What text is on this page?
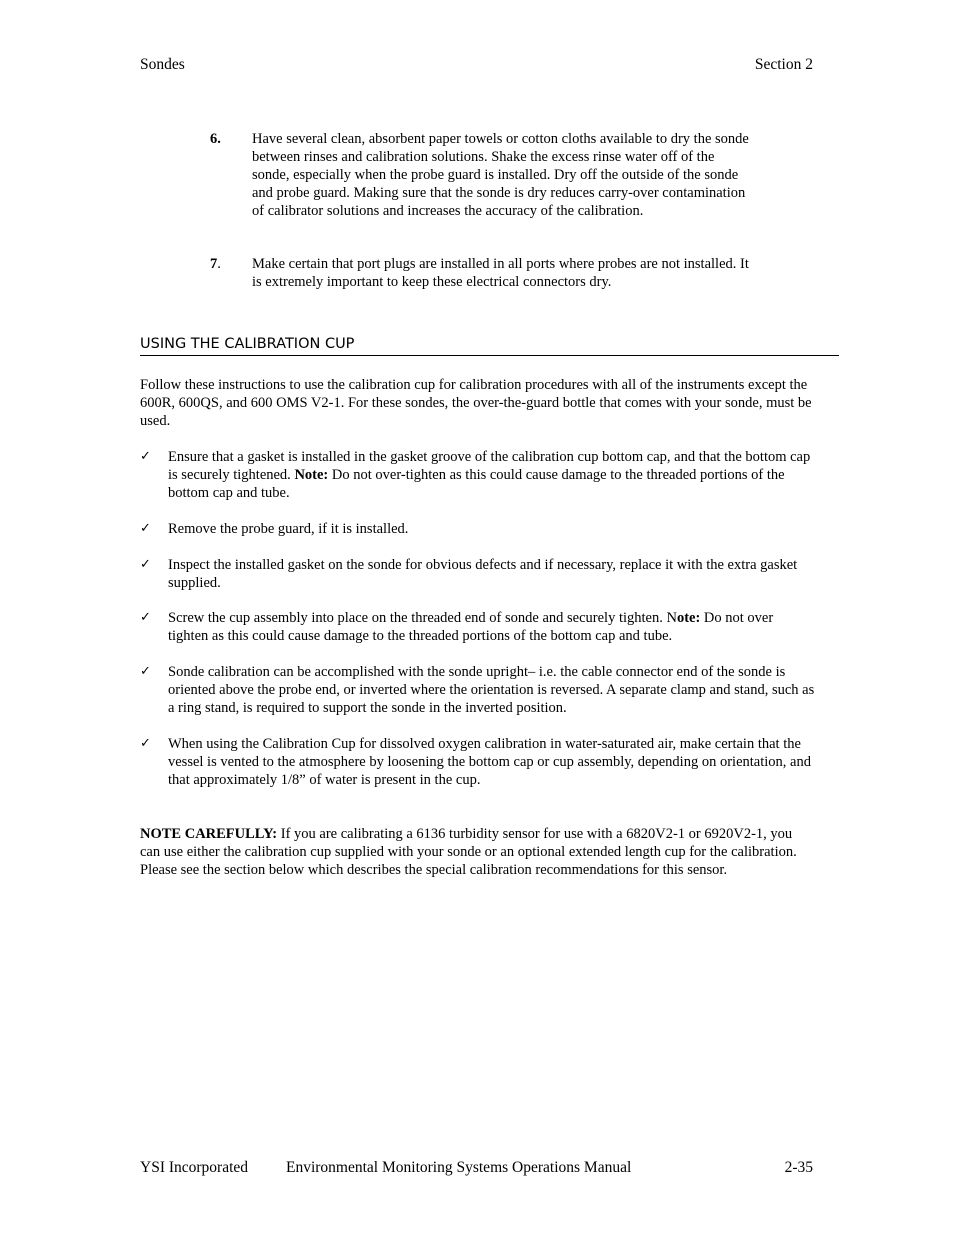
Sondes	Section 2
6. Have several clean, absorbent paper towels or cotton cloths available to dry the sonde between rinses and calibration solutions. Shake the excess rinse water off of the sonde, especially when the probe guard is installed. Dry off the outside of the sonde and probe guard. Making sure that the sonde is dry reduces carry-over contamination of calibrator solutions and increases the accuracy of the calibration.
7. Make certain that port plugs are installed in all ports where probes are not installed. It is extremely important to keep these electrical connectors dry.
USING THE CALIBRATION CUP
Follow these instructions to use the calibration cup for calibration procedures with all of the instruments except the 600R, 600QS, and 600 OMS V2-1. For these sondes, the over-the-guard bottle that comes with your sonde, must be used.
✓ Ensure that a gasket is installed in the gasket groove of the calibration cup bottom cap, and that the bottom cap is securely tightened. Note: Do not over-tighten as this could cause damage to the threaded portions of the bottom cap and tube.
✓ Remove the probe guard, if it is installed.
✓ Inspect the installed gasket on the sonde for obvious defects and if necessary, replace it with the extra gasket supplied.
✓ Screw the cup assembly into place on the threaded end of sonde and securely tighten. Note: Do not over tighten as this could cause damage to the threaded portions of the bottom cap and tube.
✓ Sonde calibration can be accomplished with the sonde upright– i.e. the cable connector end of the sonde is oriented above the probe end, or inverted where the orientation is reversed. A separate clamp and stand, such as a ring stand, is required to support the sonde in the inverted position.
✓ When using the Calibration Cup for dissolved oxygen calibration in water-saturated air, make certain that the vessel is vented to the atmosphere by loosening the bottom cap or cup assembly, depending on orientation, and that approximately 1/8” of water is present in the cup.
NOTE CAREFULLY: If you are calibrating a 6136 turbidity sensor for use with a 6820V2-1 or 6920V2-1, you can use either the calibration cup supplied with your sonde or an optional extended length cup for the calibration. Please see the section below which describes the special calibration recommendations for this sensor.
YSI Incorporated Environmental Monitoring Systems Operations Manual	2-35
